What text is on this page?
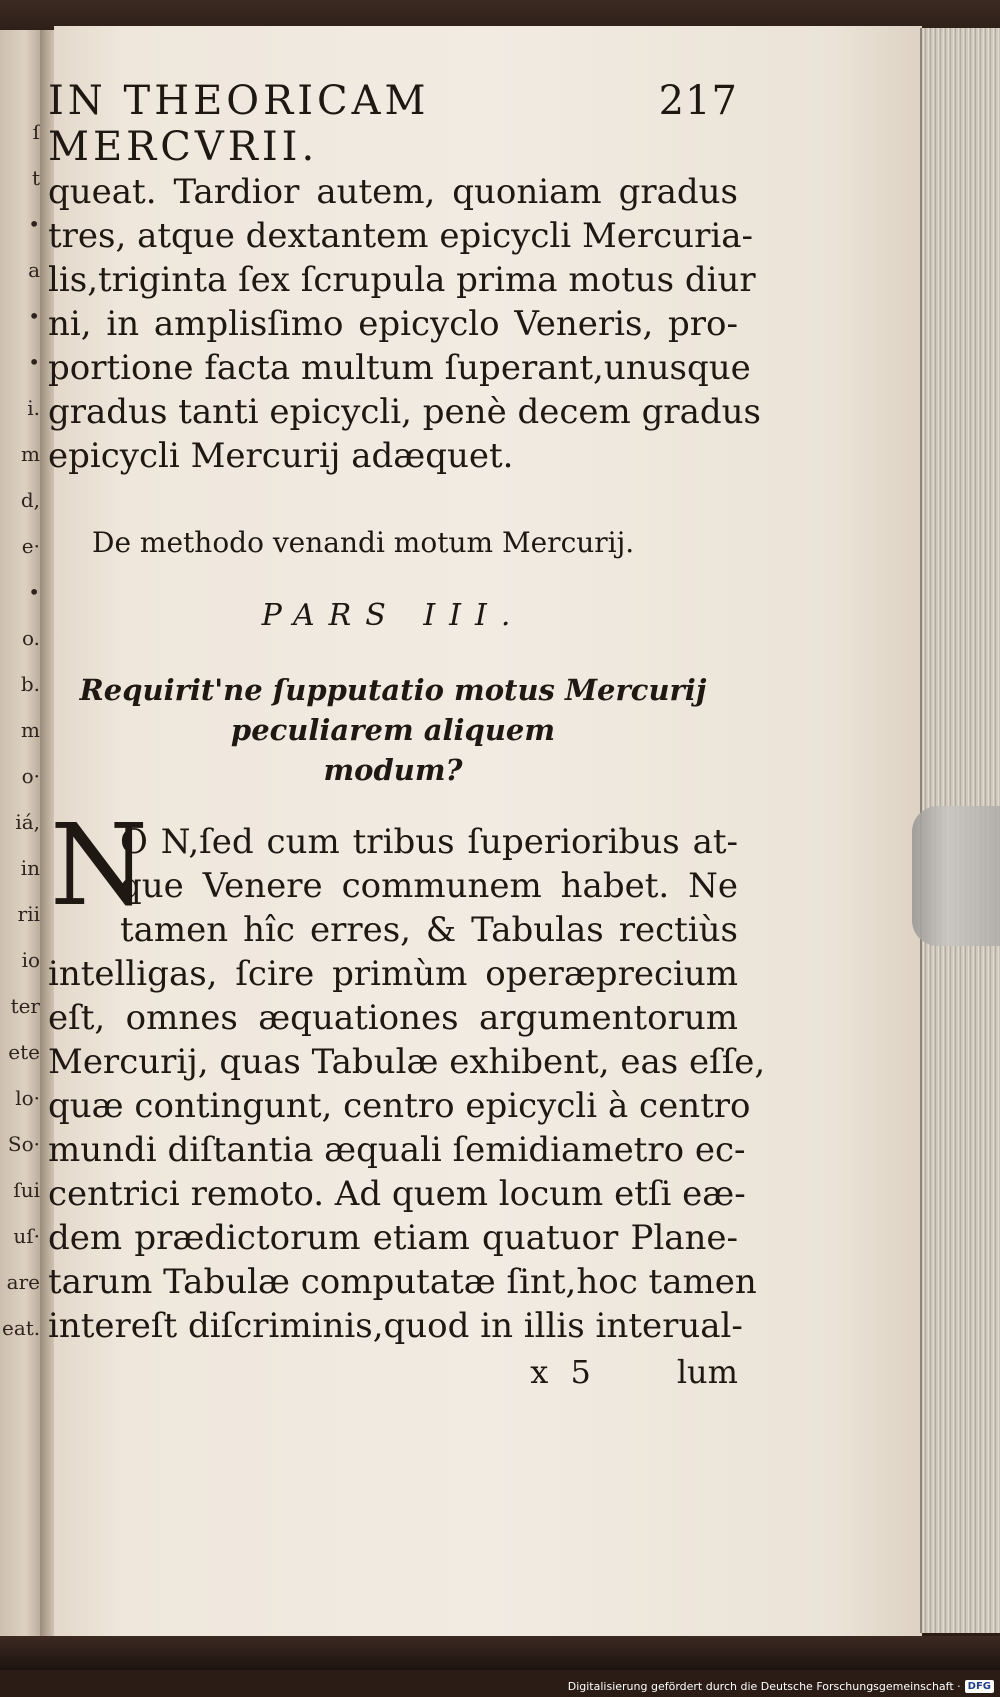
ſ
t
•
a
•
•
i.
m
d,
e·
•
o.
b.
m
o·
iá,
in
rii
io
ter
ete
lo·
So·
ſui
uſ·
are
eat.
IN THEORICAM MERCVRII.
217
queat. Tardior autem, quoniam gradus
tres, atque dextantem epicycli Mercuria-
lis,triginta ſex ſcrupula prima motus diur
ni, in amplisſimo epicyclo Veneris, pro-
portione facta multum ſuperant,unusque
gradus tanti epicycli, penè decem gradus
epicycli Mercurij adæquet.
De methodo venandi motum Mercurij.
PARS III.
Requirit'ne ſupputatio motus Mercurij
peculiarem aliquem
modum?
N
O N,ſed cum tribus ſuperioribus at-
que Venere communem habet. Ne
tamen hîc erres, & Tabulas rectiùs
intelligas, ſcire primùm operæprecium
eſt, omnes æquationes argumentorum
Mercurij, quas Tabulæ exhibent, eas eſſe,
quæ contingunt, centro epicycli à centro
mundi diſtantia æquali ſemidiametro ec-
centrici remoto. Ad quem locum etſi eæ-
dem prædictorum etiam quatuor Plane-
tarum Tabulæ computatæ ſint,hoc tamen
intereſt diſcriminis,quod in illis interual-
x 5	lum
Digitalisierung gefördert durch die Deutsche Forschungsgemeinschaft · DFG
